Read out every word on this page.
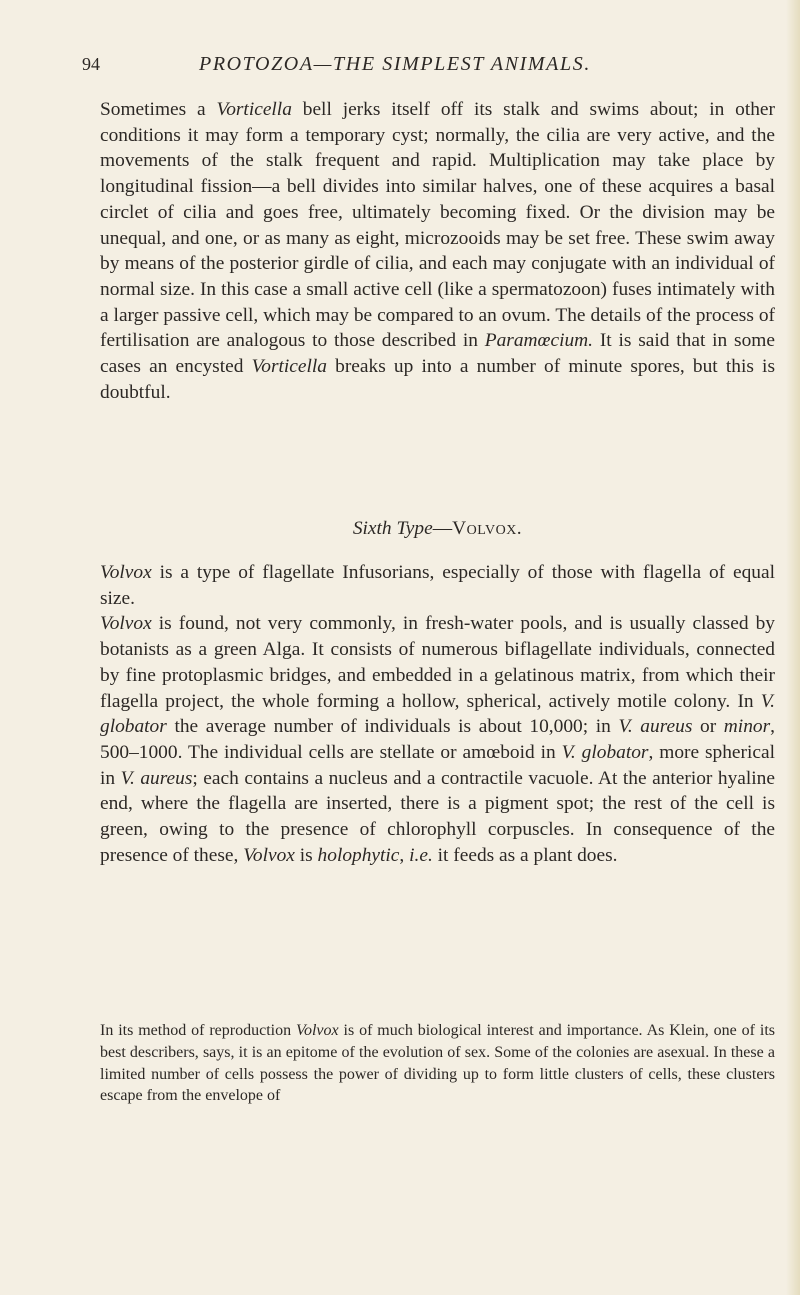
94	PROTOZOA—THE SIMPLEST ANIMALS.

Sometimes a Vorticella bell jerks itself off its stalk and swims about; in other conditions it may form a temporary cyst; normally, the cilia are very active, and the movements of the stalk frequent and rapid. Multiplication may take place by longitudinal fission—a bell divides into similar halves, one of these acquires a basal circlet of cilia and goes free, ultimately becoming fixed. Or the division may be unequal, and one, or as many as eight, microzooids may be set free. These swim away by means of the posterior girdle of cilia, and each may conjugate with an individual of normal size. In this case a small active cell (like a spermatozoon) fuses intimately with a larger passive cell, which may be compared to an ovum. The details of the process of fertilisation are analogous to those described in Paramœcium. It is said that in some cases an encysted Vorticella breaks up into a number of minute spores, but this is doubtful.

Sixth Type—Volvox.

Volvox is a type of flagellate Infusorians, especially of those with flagella of equal size.

Volvox is found, not very commonly, in fresh-water pools, and is usually classed by botanists as a green Alga. It consists of numerous biflagellate individuals, connected by fine protoplasmic bridges, and embedded in a gelatinous matrix, from which their flagella project, the whole forming a hollow, spherical, actively motile colony. In V. globator the average number of individuals is about 10,000; in V. aureus or minor, 500–1000. The individual cells are stellate or amœboid in V. globator, more spherical in V. aureus; each contains a nucleus and a contractile vacuole. At the anterior hyaline end, where the flagella are inserted, there is a pigment spot; the rest of the cell is green, owing to the presence of chlorophyll corpuscles. In consequence of the presence of these, Volvox is holophytic, i.e. it feeds as a plant does.

In its method of reproduction Volvox is of much biological interest and importance. As Klein, one of its best describers, says, it is an epitome of the evolution of sex. Some of the colonies are asexual. In these a limited number of cells possess the power of dividing up to form little clusters of cells, these clusters escape from the envelope of
